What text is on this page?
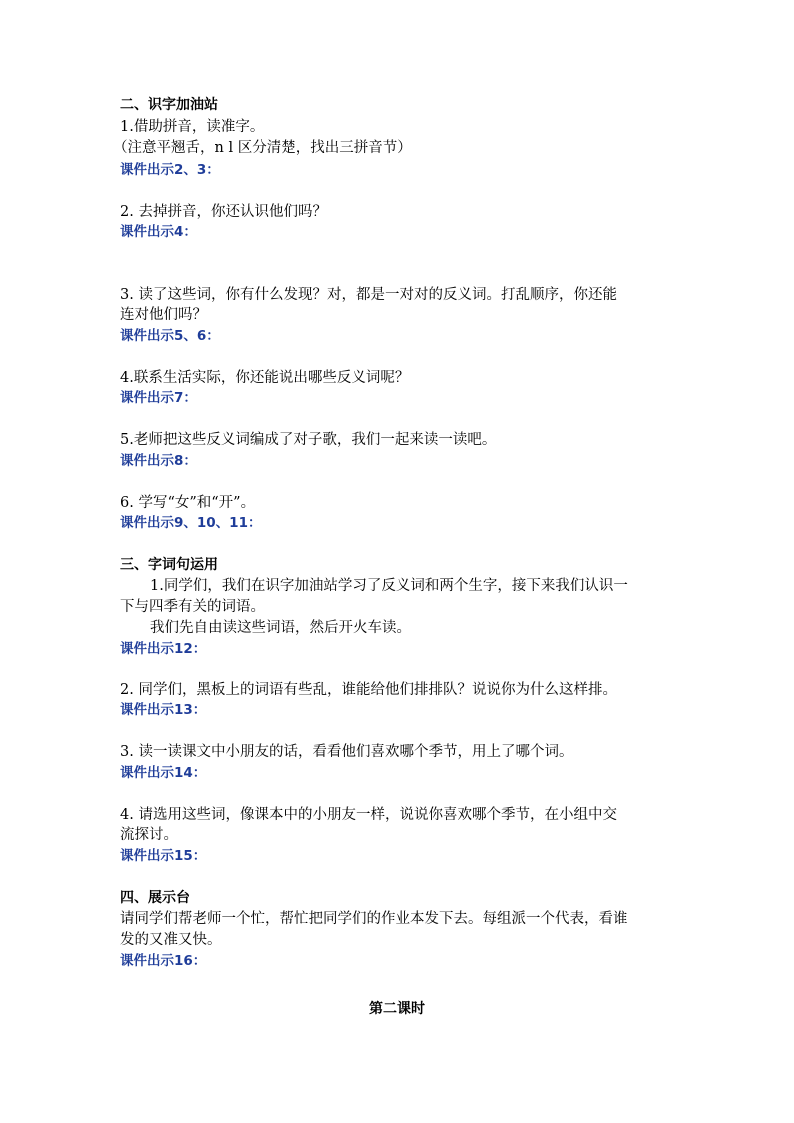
二、识字加油站
1.借助拼音，读准字。
（注意平翘舌，n l 区分清楚，找出三拼音节）
课件出示2、3：
2. 去掉拼音，你还认识他们吗？
课件出示4：
3. 读了这些词，你有什么发现？对，都是一对对的反义词。打乱顺序，你还能
连对他们吗？
课件出示5、6：
4.联系生活实际，你还能说出哪些反义词呢？
课件出示7：
5.老师把这些反义词编成了对子歌，我们一起来读一读吧。
课件出示8：
6. 学写“女”和“开”。
课件出示9、10、11：
三、字词句运用
1.同学们，我们在识字加油站学习了反义词和两个生字，接下来我们认识一
下与四季有关的词语。
我们先自由读这些词语，然后开火车读。
课件出示12：
2. 同学们，黑板上的词语有些乱，谁能给他们排排队？说说你为什么这样排。
课件出示13：
3. 读一读课文中小朋友的话，看看他们喜欢哪个季节，用上了哪个词。
课件出示14：
4. 请选用这些词，像课本中的小朋友一样，说说你喜欢哪个季节，在小组中交
流探讨。
课件出示15：
四、展示台
请同学们帮老师一个忙，帮忙把同学们的作业本发下去。每组派一个代表，看谁
发的又准又快。
课件出示16：
第二课时
